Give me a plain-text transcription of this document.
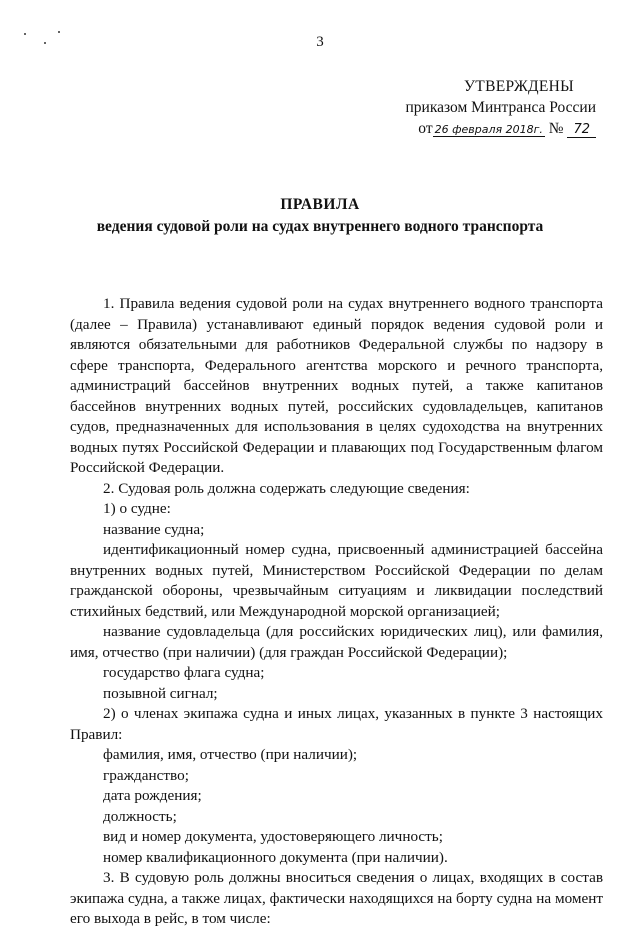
3
УТВЕРЖДЕНЫ
приказом Минтранса России
от 26 февраля 2018г. № 72
ПРАВИЛА
ведения судовой роли на судах внутреннего водного транспорта

1. Правила ведения судовой роли на судах внутреннего водного транспорта (далее – Правила) устанавливают единый порядок ведения судовой роли и являются обязательными для работников Федеральной службы по надзору в сфере транспорта, Федерального агентства морского и речного транспорта, администраций бассейнов внутренних водных путей, а также капитанов бассейнов внутренних водных путей, российских судовладельцев, капитанов судов, предназначенных для использования в целях судоходства на внутренних водных путях Российской Федерации и плавающих под Государственным флагом Российской Федерации.

2. Судовая роль должна содержать следующие сведения:

1) о судне:

название судна;

идентификационный номер судна, присвоенный администрацией бассейна внутренних водных путей, Министерством Российской Федерации по делам гражданской обороны, чрезвычайным ситуациям и ликвидации последствий стихийных бедствий, или Международной морской организацией;

название судовладельца (для российских юридических лиц), или фамилия, имя, отчество (при наличии) (для граждан Российской Федерации);

государство флага судна;

позывной сигнал;

2) о членах экипажа судна и иных лицах, указанных в пункте 3 настоящих Правил:

фамилия, имя, отчество (при наличии);

гражданство;

дата рождения;

должность;

вид и номер документа, удостоверяющего личность;

номер квалификационного документа (при наличии).

3. В судовую роль должны вноситься сведения о лицах, входящих в состав экипажа судна, а также лицах, фактически находящихся на борту судна на момент его выхода в рейс, в том числе:
